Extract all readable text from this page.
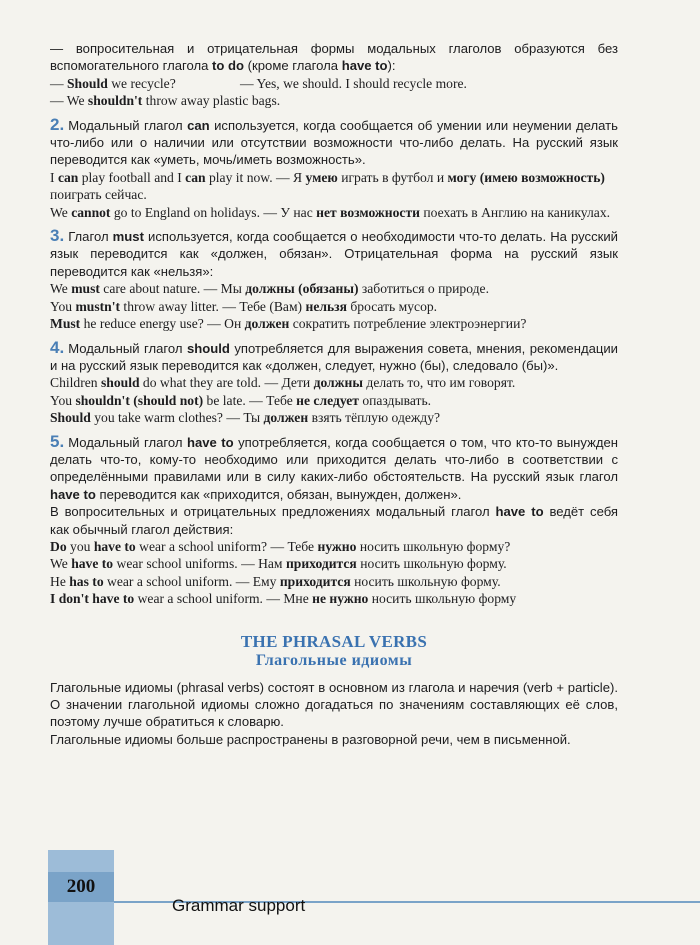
— вопросительная и отрицательная формы модальных глаголов образуются без вспомогательного глагола to do (кроме глагола have to):

— Should we recycle?	— Yes, we should. I should recycle more.
— We shouldn't throw away plastic bags.

2. Модальный глагол can используется, когда сообщается об умении или неумении делать что-либо или о наличии или отсутствии возможности что-либо делать. На русский язык переводится как «уметь, мочь/иметь возможность».

I can play football and I can play it now. — Я умею играть в футбол и могу (имею возможность) поиграть сейчас.

We cannot go to England on holidays. — У нас нет возможности поехать в Англию на каникулах.

3. Глагол must используется, когда сообщается о необходимости что-то делать. На русский язык переводится как «должен, обязан». Отрицательная форма на русский язык переводится как «нельзя»:

We must care about nature. — Мы должны (обязаны) заботиться о природе.

You mustn't throw away litter. — Тебе (Вам) нельзя бросать мусор.

Must he reduce energy use? — Он должен сократить потребление электроэнергии?

4. Модальный глагол should употребляется для выражения совета, мнения, рекомендации и на русский язык переводится как «должен, следует, нужно (бы), следовало (бы)».

Children should do what they are told. — Дети должны делать то, что им говорят.

You shouldn't (should not) be late. — Тебе не следует опаздывать.

Should you take warm clothes? — Ты должен взять тёплую одежду?

5. Модальный глагол have to употребляется, когда сообщается о том, что кто-то вынужден делать что-то, кому-то необходимо или приходится делать что-либо в соответствии с определёнными правилами или в силу каких-либо обстоятельств. На русский язык глагол have to переводится как «приходится, обязан, вынужден, должен».

В вопросительных и отрицательных предложениях модальный глагол have to ведёт себя как обычный глагол действия:

Do you have to wear a school uniform? — Тебе нужно носить школьную форму?

We have to wear school uniforms. — Нам приходится носить школьную форму.

He has to wear a school uniform. — Ему приходится носить школьную форму.

I don't have to wear a school uniform. — Мне не нужно носить школьную форму

THE PHRASAL VERBS
Глагольные идиомы

Глагольные идиомы (phrasal verbs) состоят в основном из глагола и наречия (verb + particle). О значении глагольной идиомы сложно догадаться по значениям составляющих её слов, поэтому лучше обратиться к словарю.

Глагольные идиомы больше распространены в разговорной речи, чем в письменной.

200
Grammar support
